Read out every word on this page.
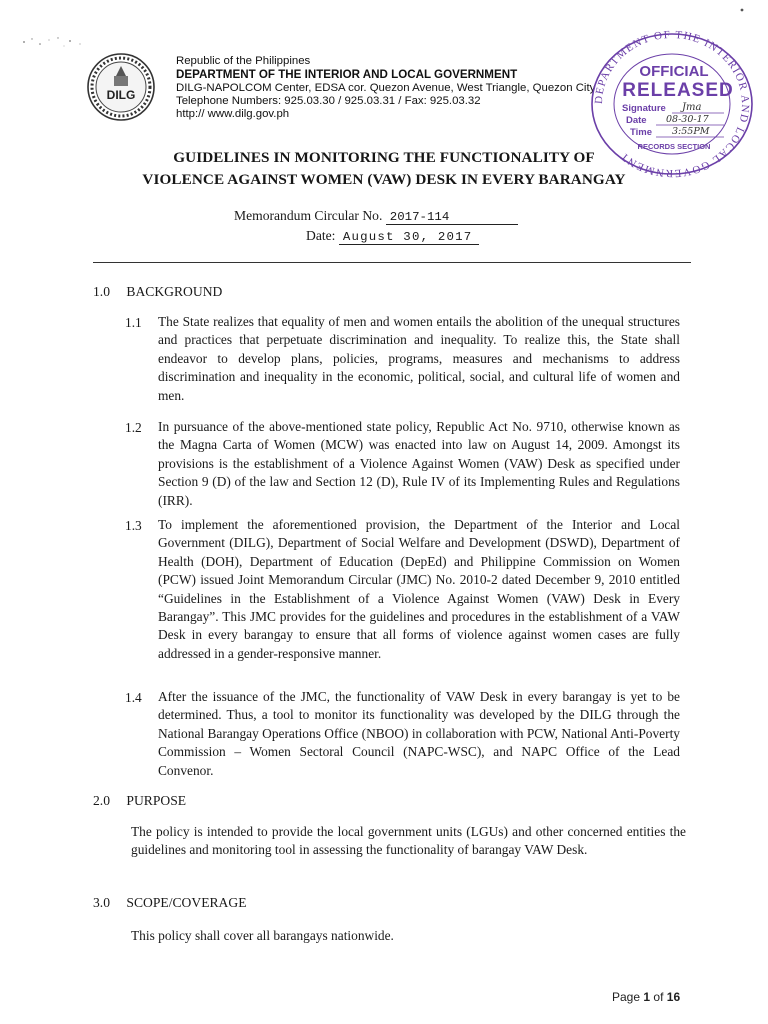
DILG
Republic of the Philippines
DEPARTMENT OF THE INTERIOR AND LOCAL GOVERNMENT
DILG-NAPOLCOM Center, EDSA cor. Quezon Avenue, West Triangle, Quezon City
Telephone Numbers: 925.03.30 / 925.03.31 / Fax: 925.03.32
http:// www.dilg.gov.ph
DEPARTMENT OF THE INTERIOR AND LOCAL GOVERNMENT
OFFICIAL
RELEASED
Signature Jma
Date 08-30-17
Time 3:55PM
RECORDS SECTION
GUIDELINES IN MONITORING THE FUNCTIONALITY OF
VIOLENCE AGAINST WOMEN (VAW) DESK IN EVERY BARANGAY
Memorandum Circular No. 2017-114
Date: August 30, 2017
1.0 BACKGROUND
1.1 The State realizes that equality of men and women entails the abolition of the unequal structures and practices that perpetuate discrimination and inequality. To realize this, the State shall endeavor to develop plans, policies, programs, measures and mechanisms to address discrimination and inequality in the economic, political, social, and cultural life of women and men.
1.2 In pursuance of the above-mentioned state policy, Republic Act No. 9710, otherwise known as the Magna Carta of Women (MCW) was enacted into law on August 14, 2009. Amongst its provisions is the establishment of a Violence Against Women (VAW) Desk as specified under Section 9 (D) of the law and Section 12 (D), Rule IV of its Implementing Rules and Regulations (IRR).
1.3 To implement the aforementioned provision, the Department of the Interior and Local Government (DILG), Department of Social Welfare and Development (DSWD), Department of Health (DOH), Department of Education (DepEd) and Philippine Commission on Women (PCW) issued Joint Memorandum Circular (JMC) No. 2010-2 dated December 9, 2010 entitled “Guidelines in the Establishment of a Violence Against Women (VAW) Desk in Every Barangay”. This JMC provides for the guidelines and procedures in the establishment of a VAW Desk in every barangay to ensure that all forms of violence against women cases are fully addressed in a gender-responsive manner.
1.4 After the issuance of the JMC, the functionality of VAW Desk in every barangay is yet to be determined. Thus, a tool to monitor its functionality was developed by the DILG through the National Barangay Operations Office (NBOO) in collaboration with PCW, National Anti-Poverty Commission – Women Sectoral Council (NAPC-WSC), and NAPC Office of the Lead Convenor.
2.0 PURPOSE
The policy is intended to provide the local government units (LGUs) and other concerned entities the guidelines and monitoring tool in assessing the functionality of barangay VAW Desk.
3.0 SCOPE/COVERAGE
This policy shall cover all barangays nationwide.
Page 1 of 16
